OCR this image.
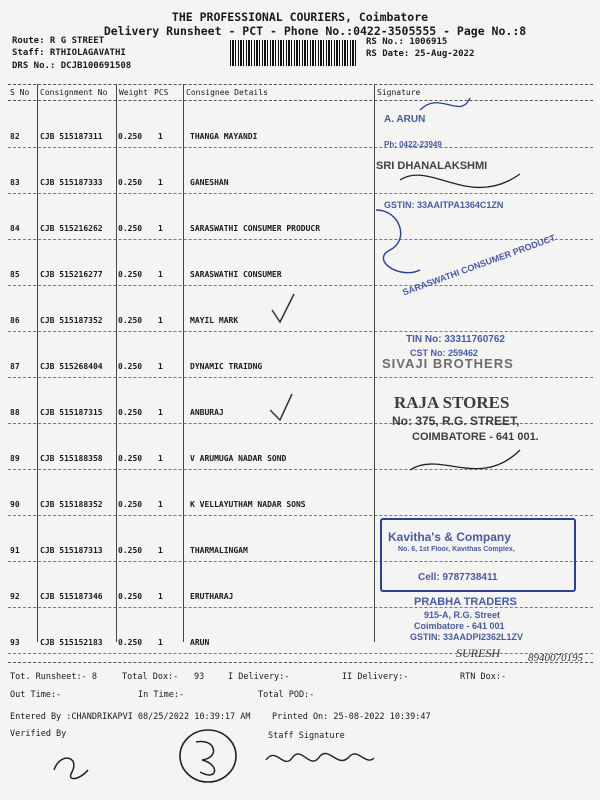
THE PROFESSIONAL COURIERS, Coimbatore
Delivery Runsheet - PCT - Phone No.:0422-3505555 - Page No.:8
Route: R G STREET
Staff: RTHIOLAGAVATHI
DRS No.: DCJB100691508
RS No.: 1006915
RS Date: 25-Aug-2022
S No Consignment No Weight PCS Consignee Details	Signature
82	CJB 515187311 0.250 1	THANGA MAYANDI
83	CJB 515187333 0.250 1	GANESHAN
84	CJB 515216262 0.250 1	SARASWATHI CONSUMER PRODUCR
85	CJB 515216277 0.250 1	SARASWATHI CONSUMER
86	CJB 515187352 0.250 1	MAYIL MARK
87	CJB 515268404 0.250 1	DYNAMIC TRAIDNG
88	CJB 515187315 0.250 1	ANBURAJ
89	CJB 515188358 0.250 1	V ARUMUGA NADAR SOND
90	CJB 515188352 0.250 1	K VELLAYUTHAM NADAR SONS
91	CJB 515187313 0.250 1	THARMALINGAM
92	CJB 515187346 0.250 1	ERUTHARAJ
93	CJB 515152183 0.250 1	ARUN
A. ARUN
Ph: 0422-23949
SRI DHANALAKSHMI
GSTIN: 33AAITPA1364C1ZN
SARASWATHI CONSUMER PRODUCT
TIN No: 33311760762
CST No: 259462
SIVAJI BROTHERS
RAJA STORES
No: 375, R.G. STREET,
COIMBATORE - 641 001.
Kavitha's & Company
No. 6, 1st Floor, Kavithas Complex,
Cell: 9787738411
PRABHA TRADERS
915-A, R.G. Street
Coimbatore - 641 001
GSTIN: 33AADPI2362L1ZV
SURESH	8940070195
Tot. Runsheet:- 8	Total Dox:- 93	I Delivery:-	II Delivery:-	RTN Dox:-
Out Time:-	In Time:-	Total POD:-
Entered By :CHANDRIKAPVI 08/25/2022 10:39:17 AM	Printed On: 25-08-2022 10:39:47
Verified By	Staff Signature
